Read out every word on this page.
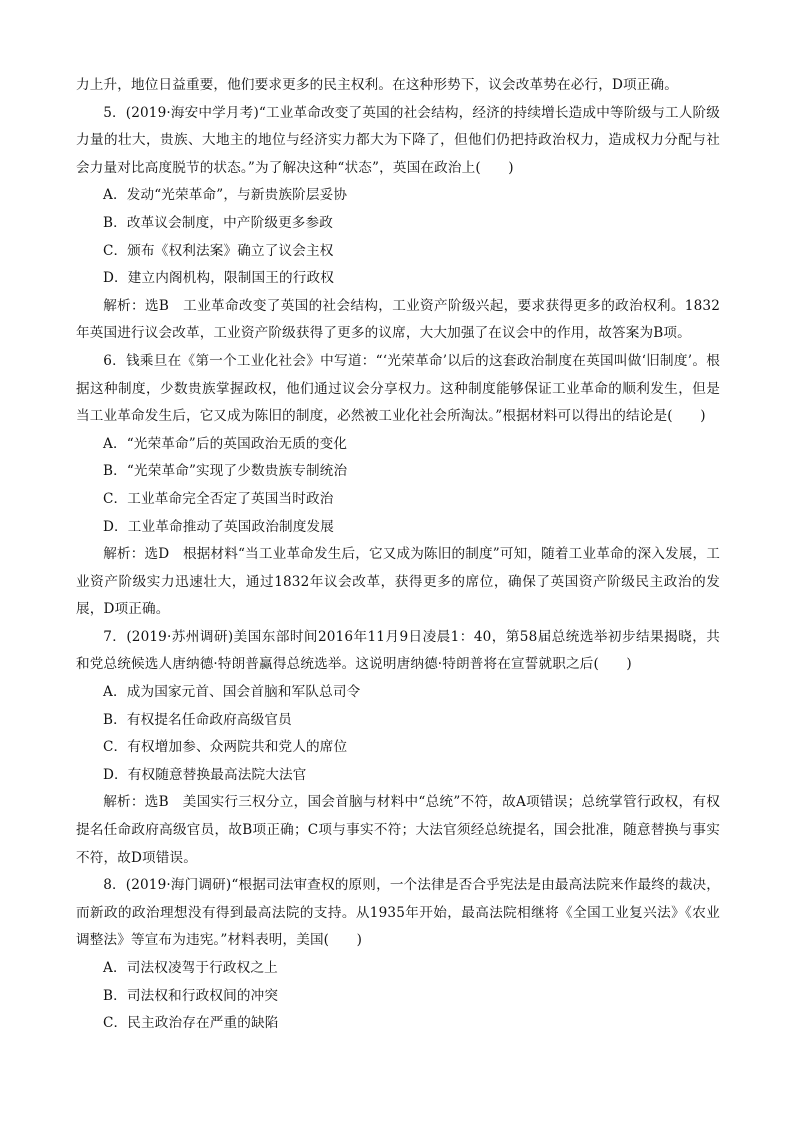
力上升，地位日益重要，他们要求更多的民主权利。在这种形势下，议会改革势在必行，D项正确。

5．(2019·海安中学月考)“工业革命改变了英国的社会结构，经济的持续增长造成中等阶级与工人阶级力量的壮大，贵族、大地主的地位与经济实力都大为下降了，但他们仍把持政治权力，造成权力分配与社会力量对比高度脱节的状态。”为了解决这种“状态”，英国在政治上(　　)

A．发动“光荣革命”，与新贵族阶层妥协

B．改革议会制度，中产阶级更多参政

C．颁布《权利法案》确立了议会主权

D．建立内阁机构，限制国王的行政权

解析：选B　工业革命改变了英国的社会结构，工业资产阶级兴起，要求获得更多的政治权利。1832年英国进行议会改革，工业资产阶级获得了更多的议席，大大加强了在议会中的作用，故答案为B项。

6．钱乘旦在《第一个工业化社会》中写道：“‘光荣革命’以后的这套政治制度在英国叫做‘旧制度’。根据这种制度，少数贵族掌握政权，他们通过议会分享权力。这种制度能够保证工业革命的顺利发生，但是当工业革命发生后，它又成为陈旧的制度，必然被工业化社会所淘汰。”根据材料可以得出的结论是(　　)

A．“光荣革命”后的英国政治无质的变化

B．“光荣革命”实现了少数贵族专制统治

C．工业革命完全否定了英国当时政治

D．工业革命推动了英国政治制度发展

解析：选D　根据材料“当工业革命发生后，它又成为陈旧的制度”可知，随着工业革命的深入发展，工业资产阶级实力迅速壮大，通过1832年议会改革，获得更多的席位，确保了英国资产阶级民主政治的发展，D项正确。

7．(2019·苏州调研)美国东部时间2016年11月9日凌晨1：40，第58届总统选举初步结果揭晓，共和党总统候选人唐纳德·特朗普赢得总统选举。这说明唐纳德·特朗普将在宣誓就职之后(　　)

A．成为国家元首、国会首脑和军队总司令

B．有权提名任命政府高级官员

C．有权增加参、众两院共和党人的席位

D．有权随意替换最高法院大法官

解析：选B　美国实行三权分立，国会首脑与材料中“总统”不符，故A项错误；总统掌管行政权，有权提名任命政府高级官员，故B项正确；C项与事实不符；大法官须经总统提名，国会批准，随意替换与事实不符，故D项错误。

8．(2019·海门调研)“根据司法审查权的原则，一个法律是否合乎宪法是由最高法院来作最终的裁决，而新政的政治理想没有得到最高法院的支持。从1935年开始，最高法院相继将《全国工业复兴法》《农业调整法》等宣布为违宪。”材料表明，美国(　　)

A．司法权凌驾于行政权之上

B．司法权和行政权间的冲突

C．民主政治存在严重的缺陷
